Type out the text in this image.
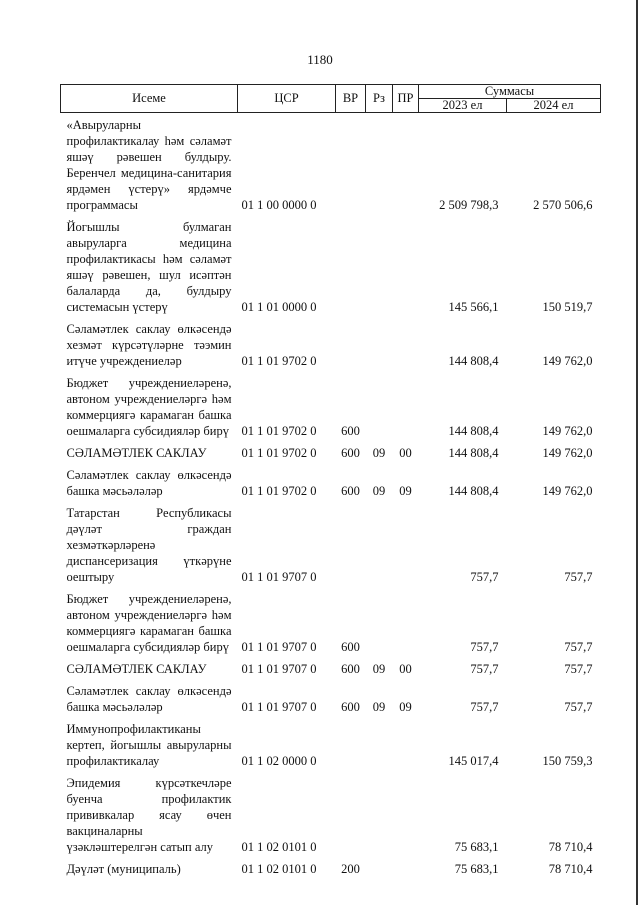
1180
Исеме	ЦСР	ВР	Рз	ПР	Суммасы	
					2023 ел	2024 ел
«Авыруларны профилактикалау һәм сәламәт яшәү рәвешен булдыру. Беренчел медицина-санитария ярдәмен үстерү» ярдәмче программасы	01 1 00 0000 0				2 509 798,3	2 570 506,6
Йогышлы булмаган авыруларга медицина профилактикасы һәм сәламәт яшәү рәвешен, шул исәптән балаларда да, булдыру системасын үстерү	01 1 01 0000 0				145 566,1	150 519,7
Сәламәтлек саклау өлкәсендә хезмәт күрсәтүләрне тәэмин итүче учреждениеләр	01 1 01 9702 0				144 808,4	149 762,0
Бюджет учреждениеләренә, автоном учреждениеләргә һәм коммерциягә карамаган башка оешмаларга субсидияләр бирү	01 1 01 9702 0	600			144 808,4	149 762,0
СӘЛАМӘТЛЕК САКЛАУ	01 1 01 9702 0	600	09	00	144 808,4	149 762,0
Сәламәтлек саклау өлкәсендә башка мәсьәләләр	01 1 01 9702 0	600	09	09	144 808,4	149 762,0
Татарстан Республикасы дәүләт граждан хезмәткәрләренә диспансеризация үткәрүне оештыру	01 1 01 9707 0				757,7	757,7
Бюджет учреждениеләренә, автоном учреждениеләргә һәм коммерциягә карамаган башка оешмаларга субсидияләр бирү	01 1 01 9707 0	600			757,7	757,7
СӘЛАМӘТЛЕК САКЛАУ	01 1 01 9707 0	600	09	00	757,7	757,7
Сәламәтлек саклау өлкәсендә башка мәсьәләләр	01 1 01 9707 0	600	09	09	757,7	757,7
Иммунопрофилактиканы кертеп, йогышлы авыруларны профилактикалау	01 1 02 0000 0				145 017,4	150 759,3
Эпидемия күрсәткечләре буенча профилактик прививкалар ясау өчен вакциналарны үзәкләштерелгән сатып алу	01 1 02 0101 0				75 683,1	78 710,4
Дәүләт (муниципаль)	01 1 02 0101 0	200			75 683,1	78 710,4
